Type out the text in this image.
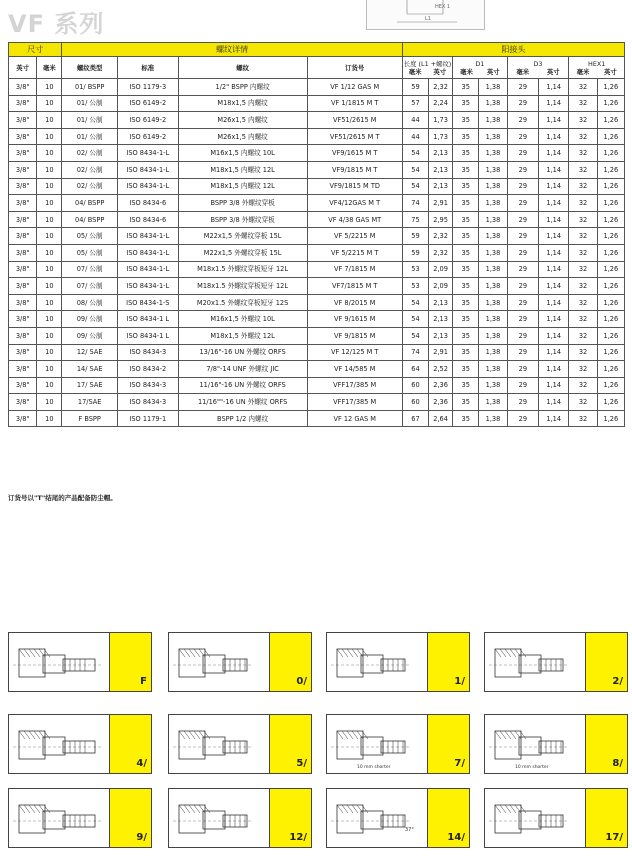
VF 系列
HEX 1
L1
尺寸		螺纹详情				阳接头							
英寸	毫米	螺纹类型	标准	螺纹	订货号	长度 (L1 +螺纹)
毫米 英寸		D1
毫米 英寸		D3
毫米 英寸		HEX1
毫米 英寸	

3/8"	10	01/ BSPP	ISO 1179-3	1/2" BSPP 内螺纹	VF 1/12 GAS M	59	2,32	35	1,38	29	1,14	32	1,26
3/8"	10	01/ 公制	ISO 6149-2	M18x1,5 内螺纹	VF 1/1815 M T	57	2,24	35	1,38	29	1,14	32	1,26
3/8"	10	01/ 公制	ISO 6149-2	M26x1,5 内螺纹	VF51/2615 M	44	1,73	35	1,38	29	1,14	32	1,26
3/8"	10	01/ 公制	ISO 6149-2	M26x1,5 内螺纹	VF51/2615 M T	44	1,73	35	1,38	29	1,14	32	1,26
3/8"	10	02/ 公制	ISO 8434-1-L	M16x1,5 内螺纹 10L	VF9/1615 M T	54	2,13	35	1,38	29	1,14	32	1,26
3/8"	10	02/ 公制	ISO 8434-1-L	M18x1,5 内螺纹 12L	VF9/1815 M T	54	2,13	35	1,38	29	1,14	32	1,26
3/8"	10	02/ 公制	ISO 8434-1-L	M18x1,5 内螺纹 12L	VF9/1815 M TD	54	2,13	35	1,38	29	1,14	32	1,26
3/8"	10	04/ BSPP	ISO 8434-6	BSPP 3/8 外螺纹穿板	VF4/12GAS M T	74	2,91	35	1,38	29	1,14	32	1,26
3/8"	10	04/ BSPP	ISO 8434-6	BSPP 3/8 外螺纹穿板	VF 4/38 GAS MT	75	2,95	35	1,38	29	1,14	32	1,26
3/8"	10	05/ 公制	ISO 8434-1-L	M22x1,5 外螺纹穿板 15L	VF 5/2215 M	59	2,32	35	1,38	29	1,14	32	1,26
3/8"	10	05/ 公制	ISO 8434-1-L	M22x1,5 外螺纹穿板 15L	VF 5/2215 M T	59	2,32	35	1,38	29	1,14	32	1,26
3/8"	10	07/ 公制	ISO 8434-1-L	M18x1.5 外螺纹穿板短牙 12L	VF 7/1815 M	53	2,09	35	1,38	29	1,14	32	1,26
3/8"	10	07/ 公制	ISO 8434-1-L	M18x1.5 外螺纹穿板短牙 12L	VF7/1815 M T	53	2,09	35	1,38	29	1,14	32	1,26
3/8"	10	08/ 公制	ISO 8434-1-S	M20x1.5 外螺纹穿板短牙 12S	VF 8/2015 M	54	2,13	35	1,38	29	1,14	32	1,26
3/8"	10	09/ 公制	ISO 8434-1 L	M16x1,5 外螺纹 10L	VF 9/1615 M	54	2,13	35	1,38	29	1,14	32	1,26
3/8"	10	09/ 公制	ISO 8434-1 L	M18x1,5 外螺纹 12L	VF 9/1815 M	54	2,13	35	1,38	29	1,14	32	1,26
3/8"	10	12/ SAE	ISO 8434-3	13/16"-16 UN 外螺纹 ORFS	VF 12/125 M T	74	2,91	35	1,38	29	1,14	32	1,26
3/8"	10	14/ SAE	ISO 8434-2	7/8"-14 UNF 外螺纹 JIC	VF 14/585 M	64	2,52	35	1,38	29	1,14	32	1,26
3/8"	10	17/ SAE	ISO 8434-3	11/16"-16 UN 外螺纹 ORFS	VFF17/385 M	60	2,36	35	1,38	29	1,14	32	1,26
3/8"	10	17/SAE	ISO 8434-3	11/16""-16 UN 外螺纹 ORFS	VFF17/385 M	60	2,36	35	1,38	29	1,14	32	1,26
3/8"	10	F BSPP	ISO 1179-1	BSPP 1/2 内螺纹	VF 12 GAS M	67	2,64	35	1,38	29	1,14	32	1,26
订货号以"T"结尾的产品配备防尘帽。
F	0/	1/	2/
4/	5/	7/
10 mm shorter	8/
10 mm shorter
9/	12/	14/
37°
17/
